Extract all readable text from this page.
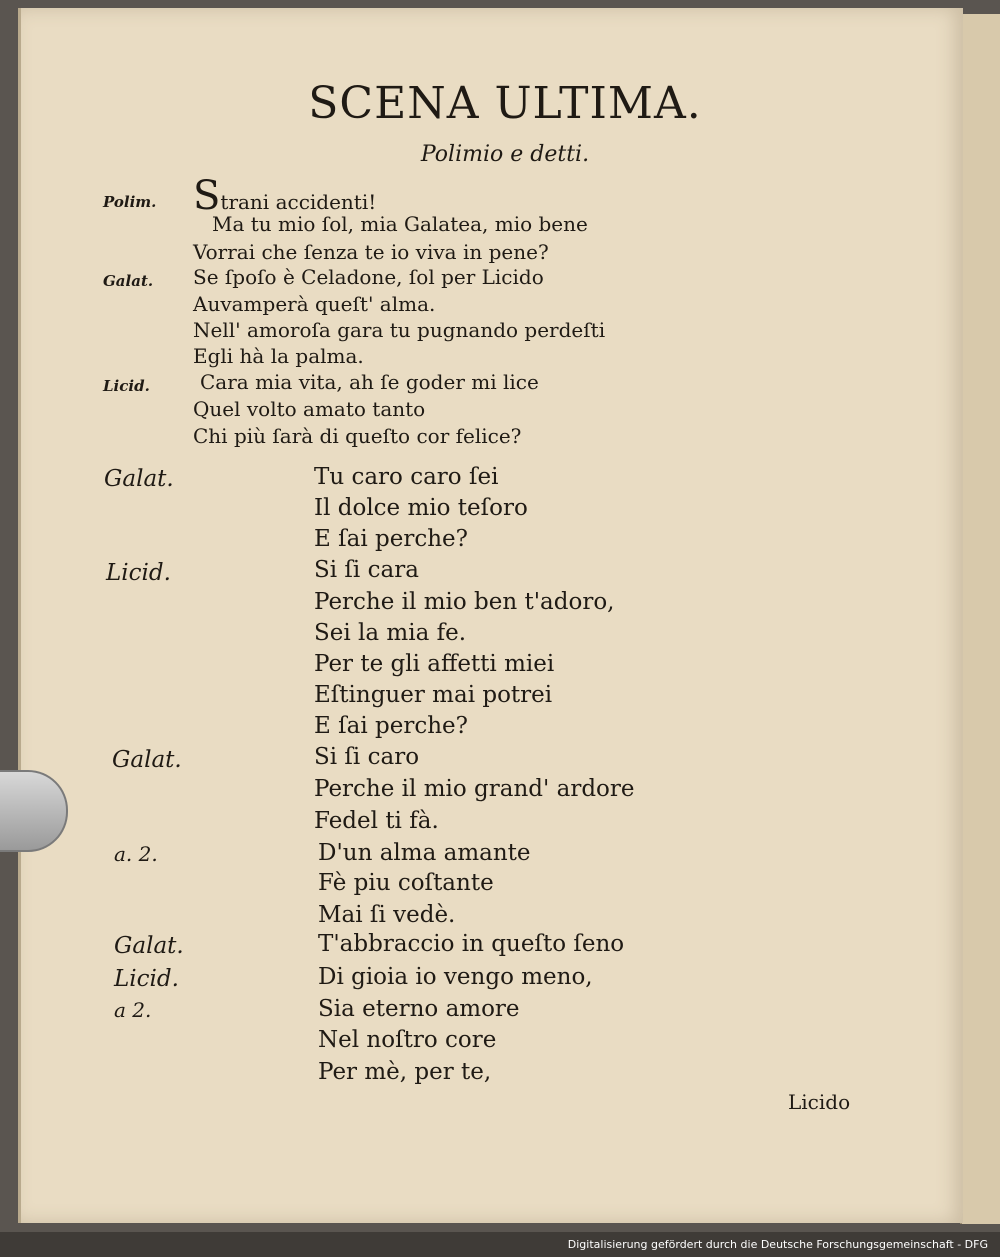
SCENA ULTIMA.
Polimio e detti.
Polim. Strani accidenti!
Ma tu mio ſol, mia Galatea, mio bene
Vorrai che ſenza te io viva in pene?
Galat. Se ſpoſo è Celadone, ſol per Licido
Auvamperà queſt' alma.
Nell' amoroſa gara tu pugnando perdeſti
Egli hà la palma.
Licid.	Cara mia vita, ah ſe goder mi lice
Quel volto amato tanto
Chi più ſarà di queſto cor felice?
Galat.	Tu caro caro ſei
Il dolce mio teſoro
E ſai perche?
Licid.	Si ſi cara
Perche il mio ben t'adoro,
Sei la mia fe.
Per te gli affetti miei
Eſtinguer mai potrei
E ſai perche?
Galat.	Si ſi caro
Perche il mio grand' ardore
Fedel ti fà.
a. 2.	D'un alma amante
Fè piu coſtante
Mai ſi vedè.
Galat.	T'abbraccio in queſto ſeno
Licid.	Di gioia io vengo meno,
a 2.	Sia eterno amore
Nel noſtro core
Per mè, per te,
Licido
Digitalisierung gefördert durch die Deutsche Forschungsgemeinschaft - DFG
